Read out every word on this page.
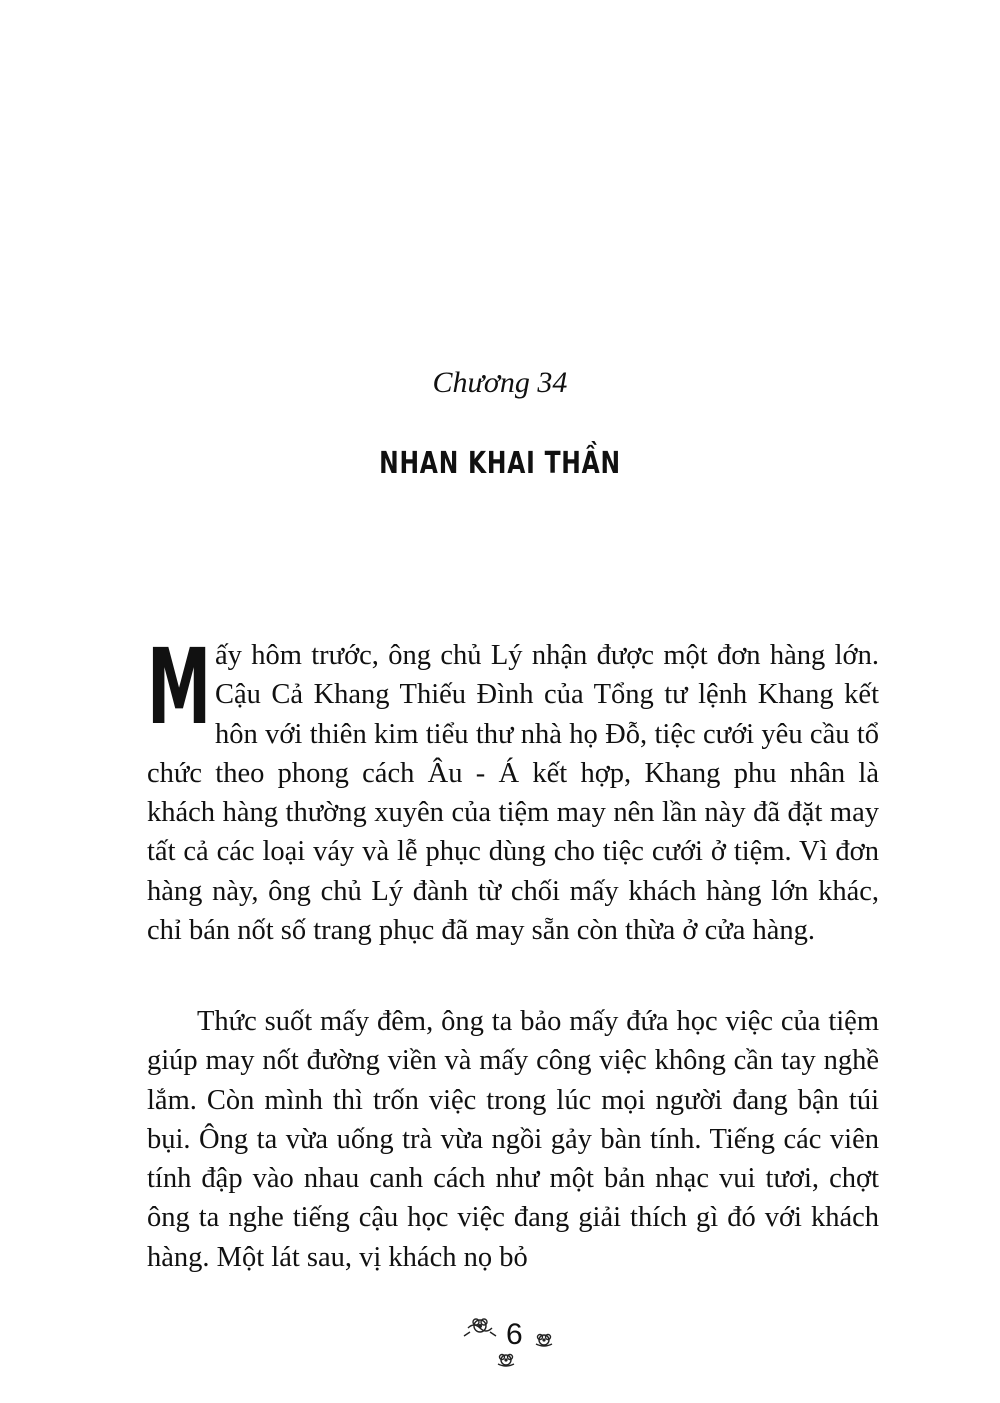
Chương 34
NHAN KHAI THẦN

Mấy hôm trước, ông chủ Lý nhận được một đơn hàng lớn. Cậu Cả Khang Thiếu Đình của Tổng tư lệnh Khang kết hôn với thiên kim tiểu thư nhà họ Đỗ, tiệc cưới yêu cầu tổ chức theo phong cách Âu - Á kết hợp, Khang phu nhân là khách hàng thường xuyên của tiệm may nên lần này đã đặt may tất cả các loại váy và lễ phục dùng cho tiệc cưới ở tiệm. Vì đơn hàng này, ông chủ Lý đành từ chối mấy khách hàng lớn khác, chỉ bán nốt số trang phục đã may sẵn còn thừa ở cửa hàng.

Thức suốt mấy đêm, ông ta bảo mấy đứa học việc của tiệm giúp may nốt đường viền và mấy công việc không cần tay nghề lắm. Còn mình thì trốn việc trong lúc mọi người đang bận túi bụi. Ông ta vừa uống trà vừa ngồi gảy bàn tính. Tiếng các viên tính đập vào nhau canh cách như một bản nhạc vui tươi, chợt ông ta nghe tiếng cậu học việc đang giải thích gì đó với khách hàng. Một lát sau, vị khách nọ bỏ

6
